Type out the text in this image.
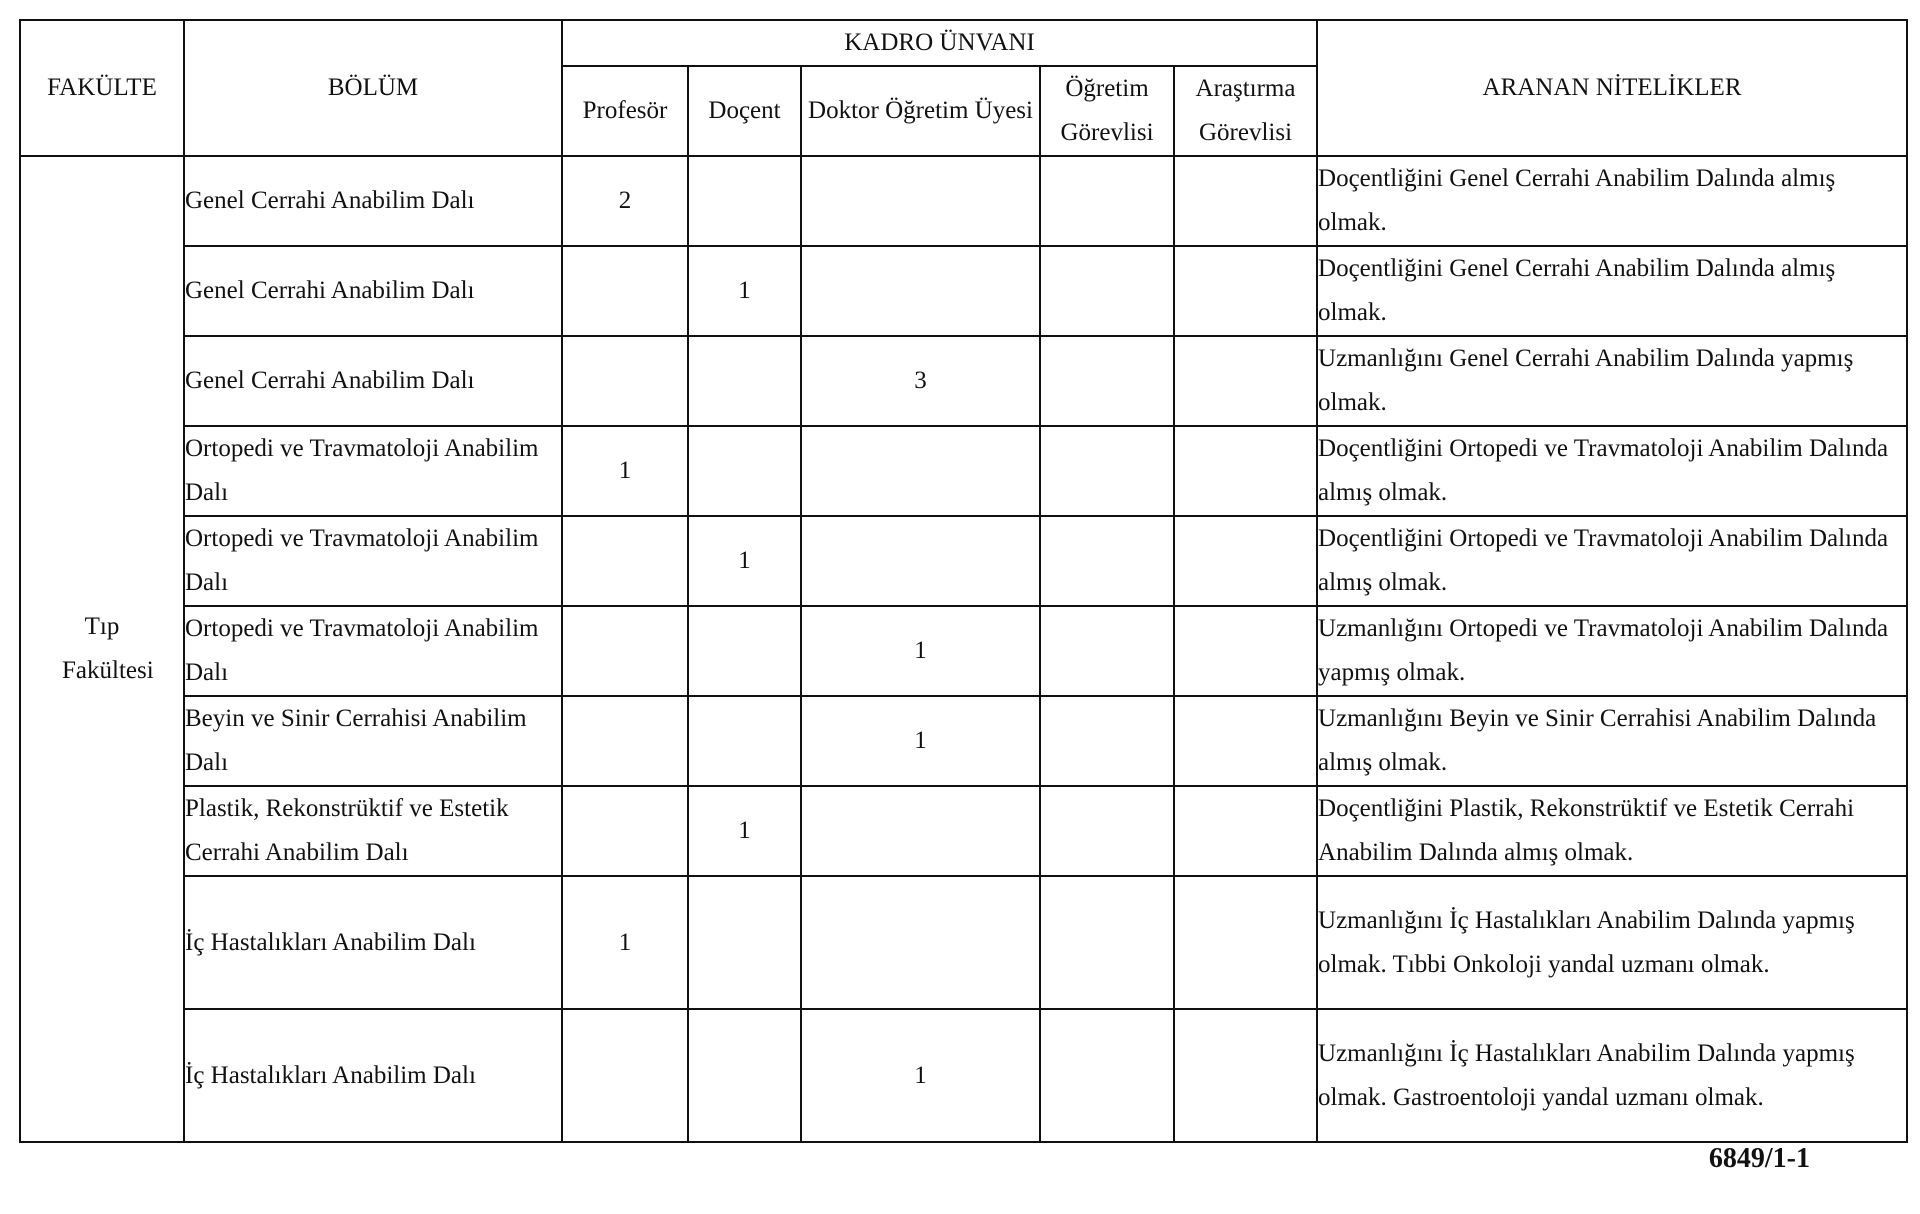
FAKÜLTE	BÖLÜM	KADRO ÜNVANI					ARANAN NİTELİKLER
		Profesör	Doçent	Doktor Öğretim Üyesi	Öğretim Görevlisi	Araştırma Görevlisi	
Tıp Fakültesi	Genel Cerrahi Anabilim Dalı	2					Doçentliğini Genel Cerrahi Anabilim Dalında almış olmak.
	Genel Cerrahi Anabilim Dalı		1				Doçentliğini Genel Cerrahi Anabilim Dalında almış olmak.
	Genel Cerrahi Anabilim Dalı			3			Uzmanlığını Genel Cerrahi Anabilim Dalında yapmış olmak.
	Ortopedi ve Travmatoloji Anabilim Dalı	1					Doçentliğini Ortopedi ve Travmatoloji Anabilim Dalında almış olmak.
	Ortopedi ve Travmatoloji Anabilim Dalı		1				Doçentliğini Ortopedi ve Travmatoloji Anabilim Dalında almış olmak.
	Ortopedi ve Travmatoloji Anabilim Dalı			1			Uzmanlığını Ortopedi ve Travmatoloji Anabilim Dalında yapmış olmak.
	Beyin ve Sinir Cerrahisi Anabilim Dalı			1			Uzmanlığını Beyin ve Sinir Cerrahisi Anabilim Dalında almış olmak.
	Plastik, Rekonstrüktif ve Estetik Cerrahi Anabilim Dalı		1				Doçentliğini Plastik, Rekonstrüktif ve Estetik Cerrahi Anabilim Dalında almış olmak.
	İç Hastalıkları Anabilim Dalı	1					Uzmanlığını İç Hastalıkları Anabilim Dalında yapmış olmak. Tıbbi Onkoloji yandal uzmanı olmak.
	İç Hastalıkları Anabilim Dalı			1			Uzmanlığını İç Hastalıkları Anabilim Dalında yapmış olmak. Gastroentoloji yandal uzmanı olmak.
6849/1-1
